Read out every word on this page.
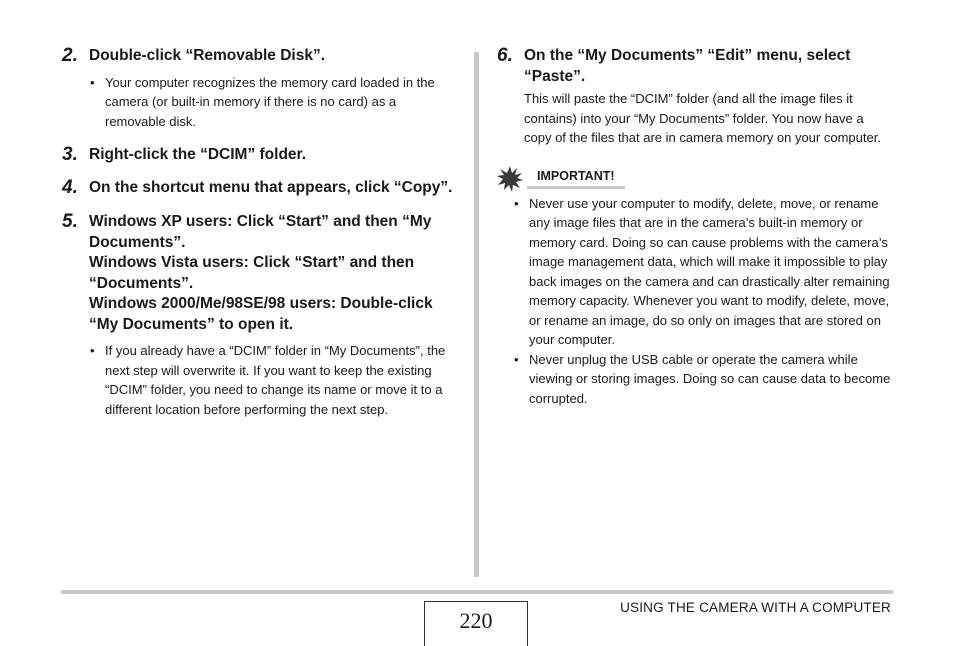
2. Double-click “Removable Disk”.
• Your computer recognizes the memory card loaded in the camera (or built-in memory if there is no card) as a removable disk.
3. Right-click the “DCIM” folder.
4. On the shortcut menu that appears, click “Copy”.
5. Windows XP users: Click “Start” and then “My Documents”.
Windows Vista users: Click “Start” and then “Documents”.
Windows 2000/Me/98SE/98 users: Double-click “My Documents” to open it.
• If you already have a “DCIM” folder in “My Documents”, the next step will overwrite it. If you want to keep the existing “DCIM” folder, you need to change its name or move it to a different location before performing the next step.
6. On the “My Documents” “Edit” menu, select “Paste”.

This will paste the “DCIM” folder (and all the image files it contains) into your “My Documents” folder. You now have a copy of the files that are in camera memory on your computer.

IMPORTANT!
• Never use your computer to modify, delete, move, or rename any image files that are in the camera’s built-in memory or memory card. Doing so can cause problems with the camera’s image management data, which will make it impossible to play back images on the camera and can drastically alter remaining memory capacity. Whenever you want to modify, delete, move, or rename an image, do so only on images that are stored on your computer.
• Never unplug the USB cable or operate the camera while viewing or storing images. Doing so can cause data to become corrupted.
220
USING THE CAMERA WITH A COMPUTER
